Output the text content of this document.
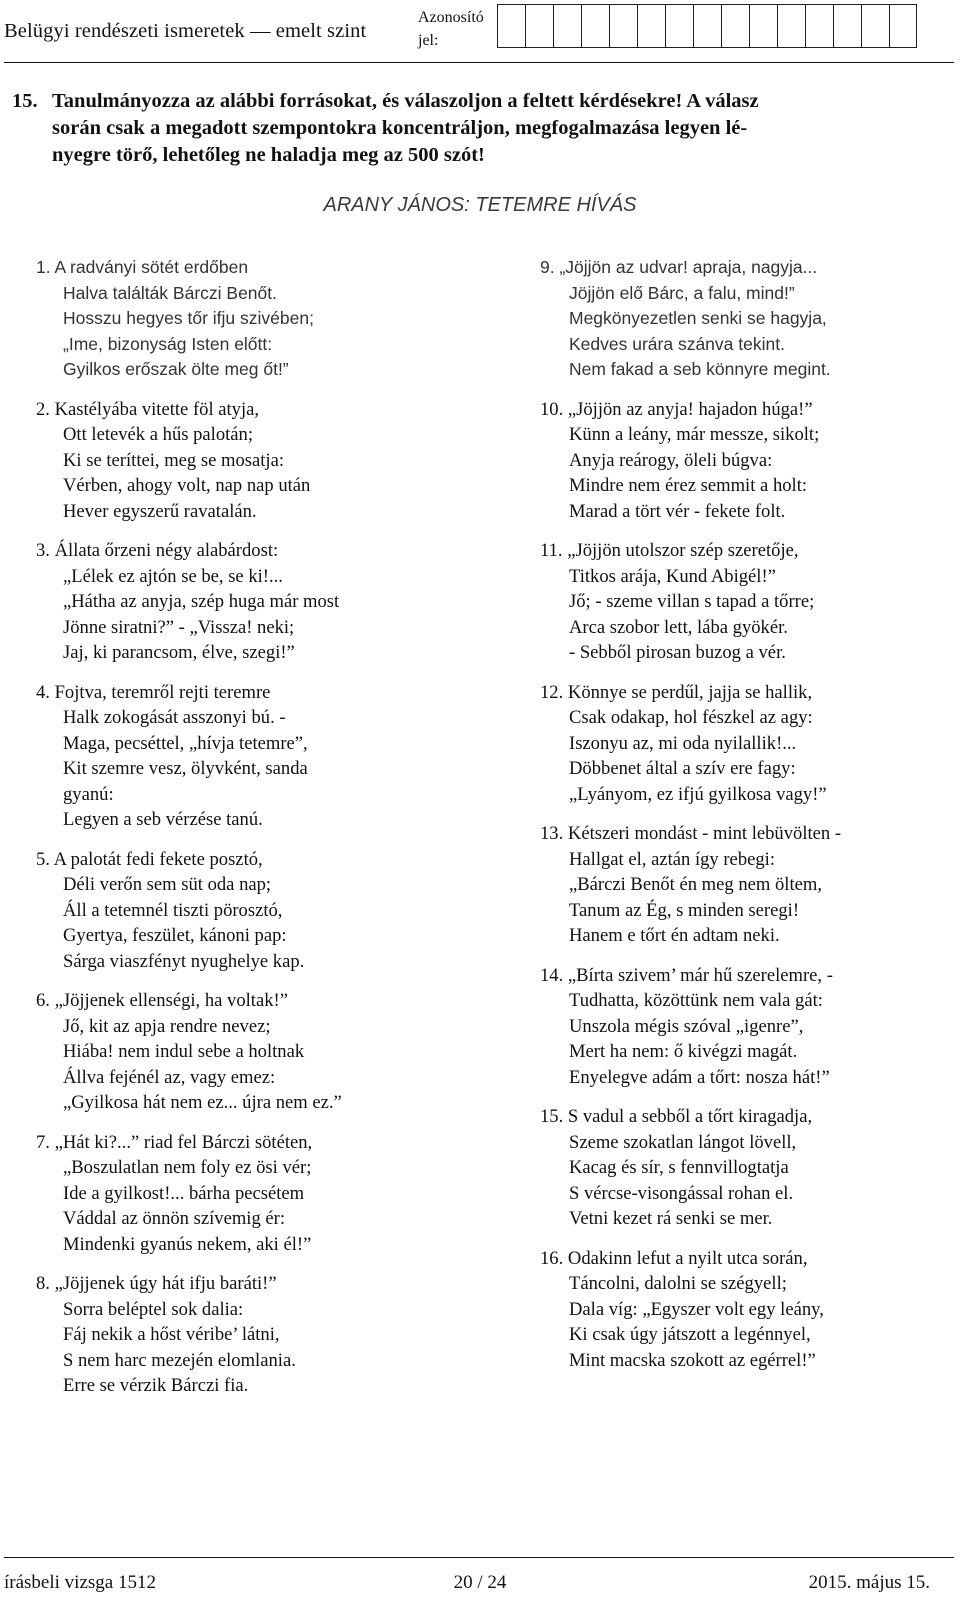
Belügyi rendészeti ismeretek — emelt szint
Azonosító jel:
15. Tanulmányozza az alábbi forrásokat, és válaszoljon a feltett kérdésekre! A válasz
során csak a megadott szempontokra koncentráljon, megfogalmazása legyen lé-
nyegre törő, lehetőleg ne haladja meg az 500 szót!
ARANY JÁNOS: TETEMRE HÍVÁS
1. A radványi sötét erdőben
Halva találták Bárczi Benőt.
Hosszu hegyes tőr ifju szivében;
„Ime, bizonyság Isten előtt:
Gyilkos erőszak ölte meg őt!”
2. Kastélyába vitette föl atyja,
Ott letevék a hűs palotán;
Ki se teríttei, meg se mosatja:
Vérben, ahogy volt, nap nap után
Hever egyszerű ravatalán.
3. Állata őrzeni négy alabárdost:
„Lélek ez ajtón se be, se ki!...
„Hátha az anyja, szép huga már most
Jönne siratni?” - „Vissza! neki;
Jaj, ki parancsom, élve, szegi!”
4. Fojtva, teremről rejti teremre
Halk zokogását asszonyi bú. -
Maga, pecséttel, „hívja tetemre”,
Kit szemre vesz, ölyvként, sanda
gyanú:
Legyen a seb vérzése tanú.
5. A palotát fedi fekete posztó,
Déli verőn sem süt oda nap;
Áll a tetemnél tiszti pörosztó,
Gyertya, feszület, kánoni pap:
Sárga viaszfényt nyughelye kap.
6. „Jöjjenek ellenségi, ha voltak!”
Jő, kit az apja rendre nevez;
Hiába! nem indul sebe a holtnak
Állva fejénél az, vagy emez:
„Gyilkosa hát nem ez... újra nem ez.”
7. „Hát ki?...” riad fel Bárczi sötéten,
„Boszulatlan nem foly ez ösi vér;
Ide a gyilkost!... bárha pecsétem
Váddal az önnön szívemig ér:
Mindenki gyanús nekem, aki él!”
8. „Jöjjenek úgy hát ifju baráti!”
Sorra beléptel sok dalia:
Fáj nekik a hőst véribe’ látni,
S nem harc mezején elomlania.
Erre se vérzik Bárczi fia.
9. „Jöjjön az udvar! apraja, nagyja...
Jöjjön elő Bárc, a falu, mind!”
Megkönyezetlen senki se hagyja,
Kedves urára szánva tekint.
Nem fakad a seb könnyre megint.
10. „Jöjjön az anyja! hajadon húga!”
Künn a leány, már messze, sikolt;
Anyja reárogy, öleli búgva:
Mindre nem érez semmit a holt:
Marad a tört vér - fekete folt.
11. „Jöjjön utolszor szép szeretője,
Titkos arája, Kund Abigél!”
Jő; - szeme villan s tapad a tőrre;
Arca szobor lett, lába gyökér.
- Sebből pirosan buzog a vér.
12. Könnye se perdűl, jajja se hallik,
Csak odakap, hol fészkel az agy:
Iszonyu az, mi oda nyilallik!...
Döbbenet által a szív ere fagy:
„Lyányom, ez ifjú gyilkosa vagy!”
13. Kétszeri mondást - mint lebüvölten -
Hallgat el, aztán így rebegi:
„Bárczi Benőt én meg nem öltem,
Tanum az Ég, s minden seregi!
Hanem e tőrt én adtam neki.
14. „Bírta szivem’ már hű szerelemre, -
Tudhatta, közöttünk nem vala gát:
Unszola mégis szóval „igenre”,
Mert ha nem: ő kivégzi magát.
Enyelegve adám a tőrt: nosza hát!”
15. S vadul a sebből a tőrt kiragadja,
Szeme szokatlan lángot lövell,
Kacag és sír, s fennvillogtatja
S vércse-visongással rohan el.
Vetni kezet rá senki se mer.
16. Odakinn lefut a nyilt utca során,
Táncolni, dalolni se szégyell;
Dala víg: „Egyszer volt egy leány,
Ki csak úgy játszott a legénnyel,
Mint macska szokott az egérrel!”
írásbeli vizsga 1512	20 / 24	2015. május 15.
